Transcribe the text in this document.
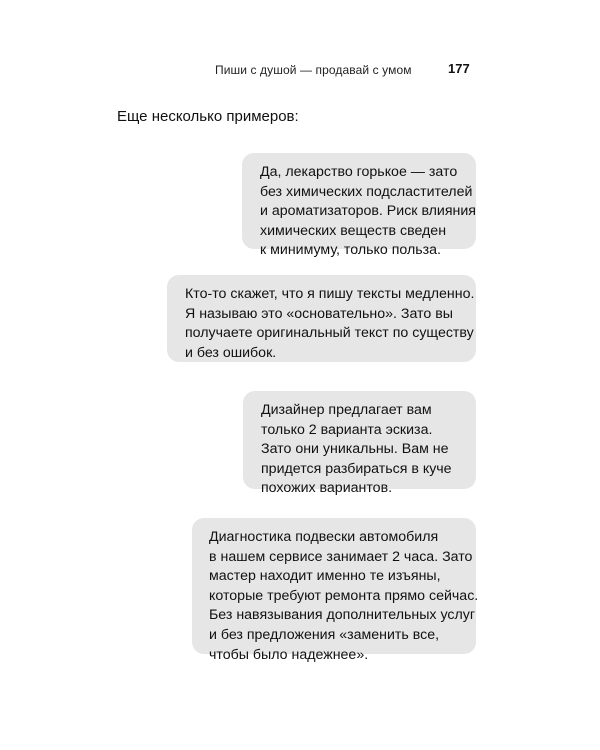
Пиши с душой — продавай с умом	177
Еще несколько примеров:
Да, лекарство горькое — зато
без химических подсластителей
и ароматизаторов. Риск влияния
химических веществ сведен
к минимуму, только польза.
Кто-то скажет, что я пишу тексты медленно.
Я называю это «основательно». Зато вы
получаете оригинальный текст по существу
и без ошибок.
Дизайнер предлагает вам
только 2 варианта эскиза.
Зато они уникальны. Вам не
придется разбираться в куче
похожих вариантов.
Диагностика подвески автомобиля
в нашем сервисе занимает 2 часа. Зато
мастер находит именно те изъяны,
которые требуют ремонта прямо сейчас.
Без навязывания дополнительных услуг
и без предложения «заменить все,
чтобы было надежнее».
